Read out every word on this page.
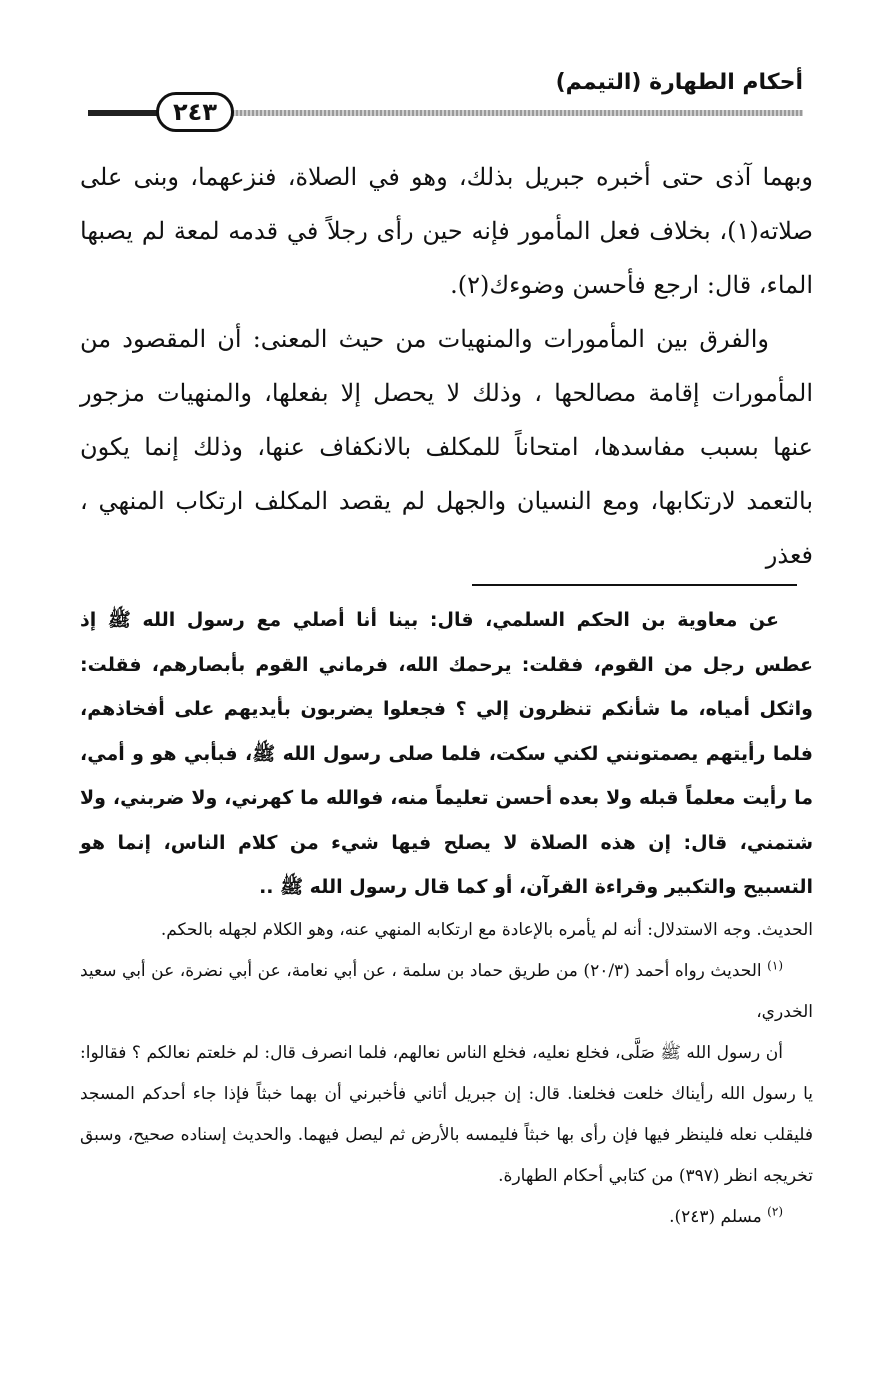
أحكام الطهارة (التيمم)
٢٤٣

وبهما آذى حتى أخبره جبريل بذلك، وهو في الصلاة، فنزعهما، وبنى على صلاته(١)، بخلاف فعل المأمور فإنه حين رأى رجلاً في قدمه لمعة لم يصبها الماء، قال: ارجع فأحسن وضوءك(٢).

والفرق بين المأمورات والمنهيات من حيث المعنى: أن المقصود من المأمورات إقامة مصالحها ، وذلك لا يحصل إلا بفعلها، والمنهيات مزجور عنها بسبب مفاسدها، امتحاناً للمكلف بالانكفاف عنها، وذلك إنما يكون بالتعمد لارتكابها، ومع النسيان والجهل لم يقصد المكلف ارتكاب المنهي ، فعذر

عن معاوية بن الحكم السلمي، قال: بينا أنا أصلي مع رسول الله ﷺ إذ عطس رجل من القوم، فقلت: يرحمك الله، فرماني القوم بأبصارهم، فقلت: واثكل أمياه، ما شأنكم تنظرون إلي ؟ فجعلوا يضربون بأيديهم على أفخاذهم، فلما رأيتهم يصمتونني لكني سكت، فلما صلى رسول الله ﷺ، فبأبي هو و أمي، ما رأيت معلماً قبله ولا بعده أحسن تعليماً منه، فوالله ما كهرني، ولا ضربني، ولا شتمني، قال: إن هذه الصلاة لا يصلح فيها شيء من كلام الناس، إنما هو التسبيح والتكبير وقراءة القرآن، أو كما قال رسول الله ﷺ ..

الحديث. وجه الاستدلال: أنه لم يأمره بالإعادة مع ارتكابه المنهي عنه، وهو الكلام لجهله بالحكم.

$^{(١)}$ الحديث رواه أحمد (٢٠/٣) من طريق حماد بن سلمة ، عن أبي نعامة، عن أبي نضرة، عن أبي سعيد الخدري،

أن رسول الله ﷺ صَلَّى، فخلع نعليه، فخلع الناس نعالهم، فلما انصرف قال: لم خلعتم نعالكم ؟ فقالوا: يا رسول الله رأيناك خلعت فخلعنا. قال: إن جبريل أتاني فأخبرني أن بهما خبثاً فإذا جاء أحدكم المسجد فليقلب نعله فلينظر فيها فإن رأى بها خبثاً فليمسه بالأرض ثم ليصل فيهما. والحديث إسناده صحيح، وسبق تخريجه انظر (٣٩٧) من كتابي أحكام الطهارة.

$^{(٢)}$ مسلم (٢٤٣).
